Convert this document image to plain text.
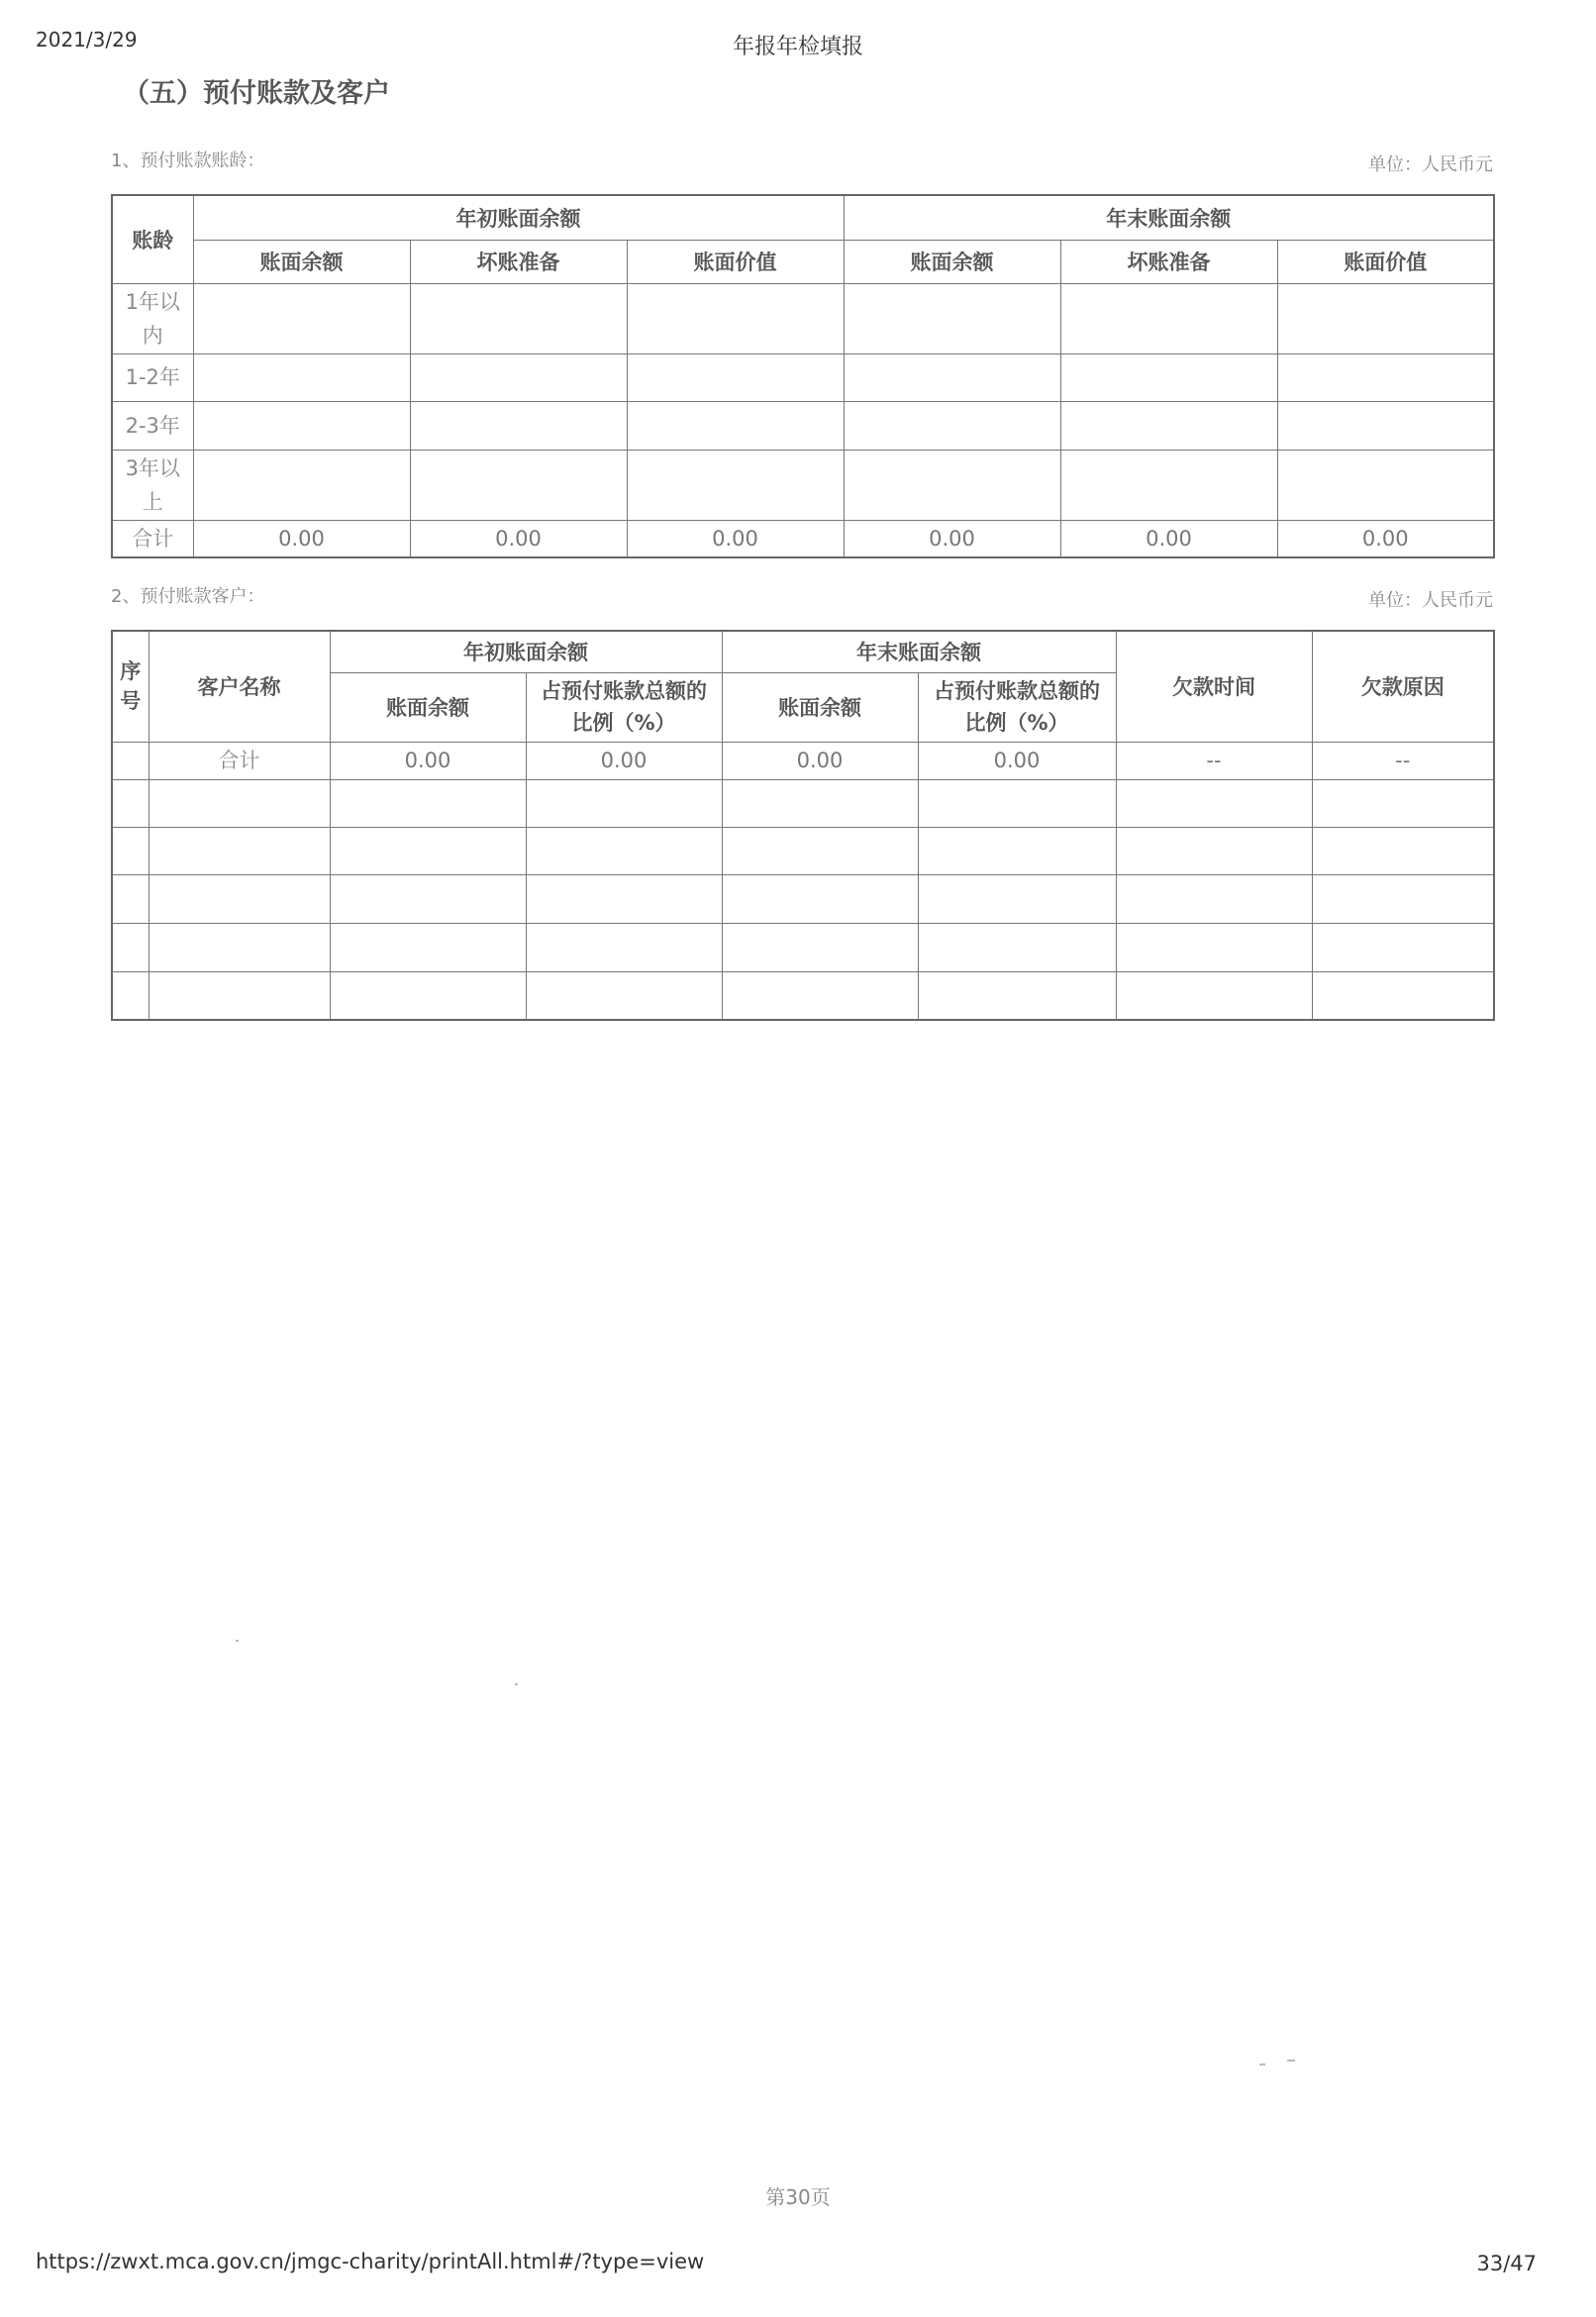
2021/3/29	年报年检填报
（五）预付账款及客户
1、预付账款账龄：	单位：人民币元
账龄	年初账面余额			年末账面余额		
	账面余额	坏账准备	账面价值	账面余额	坏账准备	账面价值
1年以内						
1-2年						
2-3年						
3年以上						
合计	0.00	0.00	0.00	0.00	0.00	0.00
2、预付账款客户：	单位：人民币元
序号	客户名称	年初账面余额		年末账面余额		欠款时间	欠款原因
		账面余额	占预付账款总额的比例（%）	账面余额	占预付账款总额的比例（%）		
	合计	0.00	0.00	0.00	0.00	--	--

第30页
https://zwxt.mca.gov.cn/jmgc-charity/printAll.html#/?type=view	33/47
